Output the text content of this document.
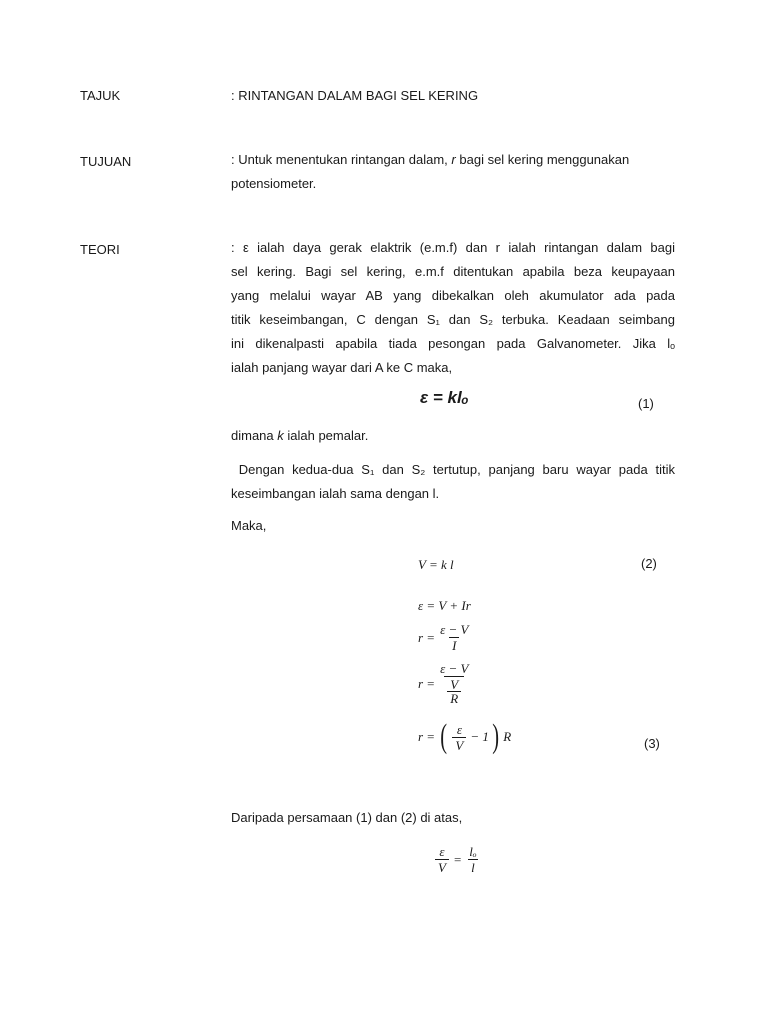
TAJUK	: RINTANGAN DALAM BAGI SEL KERING
TUJUAN	: Untuk menentukan rintangan dalam, r bagi sel kering menggunakan
potensiometer.
TEORI	: ε ialah daya gerak elaktrik (e.m.f) dan r ialah rintangan dalam bagi
sel kering. Bagi sel kering, e.m.f ditentukan apabila beza keupayaan
yang melalui wayar AB yang dibekalkan oleh akumulator ada pada
titik keseimbangan, C dengan S₁ dan S₂ terbuka. Keadaan seimbang
ini dikenalpasti apabila tiada pesongan pada Galvanometer. Jika lₒ
ialah panjang wayar dari A ke C maka,
ε = klₒ	(1)
dimana k ialah pemalar.
Dengan kedua-dua S₁ dan S₂ tertutup, panjang baru wayar pada titik
keseimbangan ialah sama dengan l.
Maka,
V = k l	(2)
ε = V + Ir
$r = \frac{\varepsilon - V}{I}$
r = ε − V
V
R
r = ( $\frac{\varepsilon}{V} - 1$ ) R	(3)
Daripada persamaan (1) dan (2) di atas,
$\frac{\varepsilon}{V} = \frac{\text{lₒ}}{l}$
